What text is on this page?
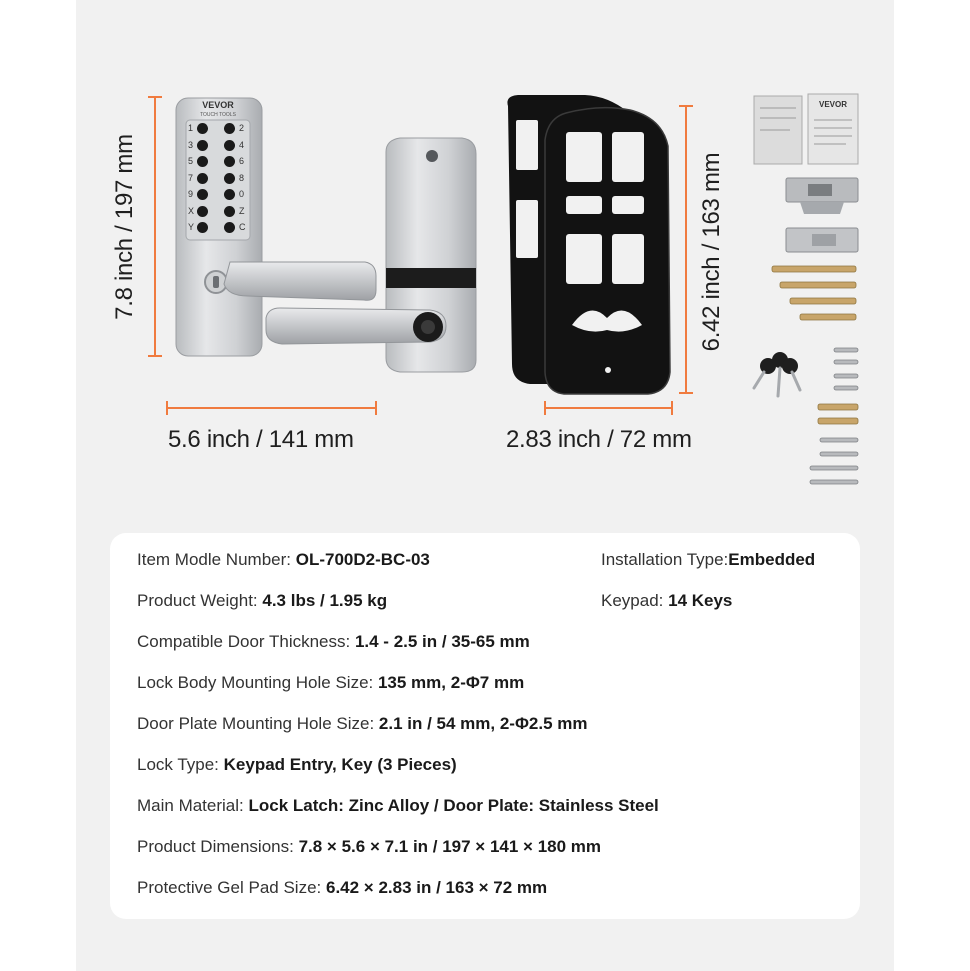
7.8 inch / 197 mm
5.6 inch / 141 mm
6.42 inch / 163 mm
2.83 inch / 72 mm
VEVOR
TOUCH TOOLS
1
3
5
7
9
X
Y
2
4
6
8
0
Z
C
VEVOR
Item Modle Number: OL-700D2-BC-03	Installation Type:Embedded
Product Weight: 4.3 lbs / 1.95 kg	Keypad: 14 Keys
Compatible Door Thickness: 1.4 - 2.5 in / 35-65 mm
Lock Body Mounting Hole Size: 135 mm, 2-Φ7 mm
Door Plate Mounting Hole Size: 2.1 in / 54 mm, 2-Φ2.5 mm
Lock Type: Keypad Entry, Key (3 Pieces)
Main Material: Lock Latch: Zinc Alloy / Door Plate: Stainless Steel
Product Dimensions: 7.8 × 5.6 × 7.1 in / 197 × 141 × 180 mm
Protective Gel Pad Size: 6.42 × 2.83 in / 163 × 72 mm
